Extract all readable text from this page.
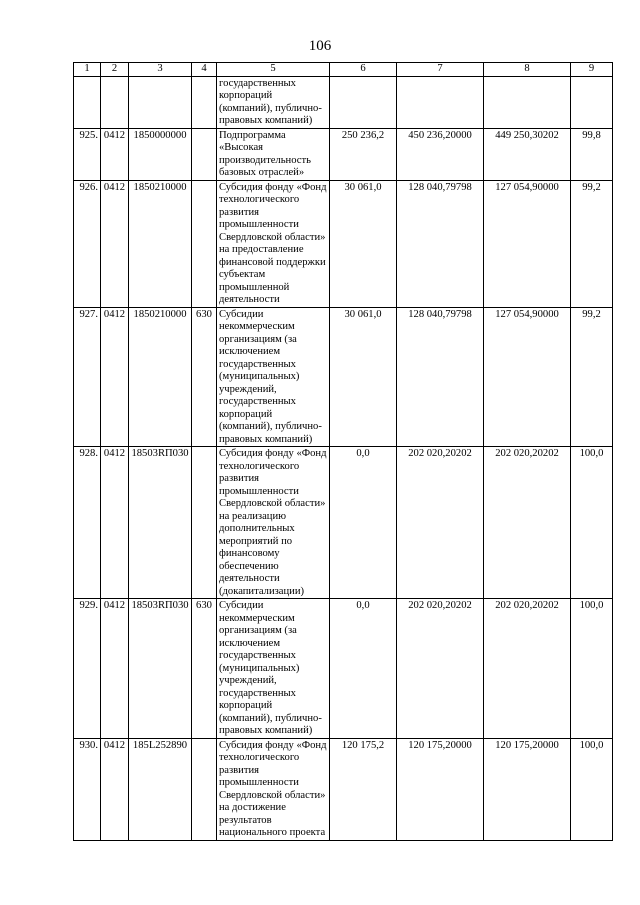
106
1	2	3	4	5	6	7	8	9
				государственных корпораций (компаний), публично-правовых компаний)				
925.	0412	1850000000		Подпрограмма «Высокая производительность базовых отраслей»	250 236,2	450 236,20000	449 250,30202	99,8
926.	0412	1850210000		Субсидия фонду «Фонд технологического развития промышленности Свердловской области» на предоставление финансовой поддержки субъектам промышленной деятельности	30 061,0	128 040,79798	127 054,90000	99,2
927.	0412	1850210000	630	Субсидии некоммерческим организациям (за исключением государственных (муниципальных) учреждений, государственных корпораций (компаний), публично-правовых компаний)	30 061,0	128 040,79798	127 054,90000	99,2
928.	0412	18503RП030		Субсидия фонду «Фонд технологического развития промышленности Свердловской области» на реализацию дополнительных мероприятий по финансовому обеспечению деятельности (докапитализации)	0,0	202 020,20202	202 020,20202	100,0
929.	0412	18503RП030	630	Субсидии некоммерческим организациям (за исключением государственных (муниципальных) учреждений, государственных корпораций (компаний), публично-правовых компаний)	0,0	202 020,20202	202 020,20202	100,0
930.	0412	185L252890		Субсидия фонду «Фонд технологического развития промышленности Свердловской области» на достижение результатов национального проекта	120 175,2	120 175,20000	120 175,20000	100,0
